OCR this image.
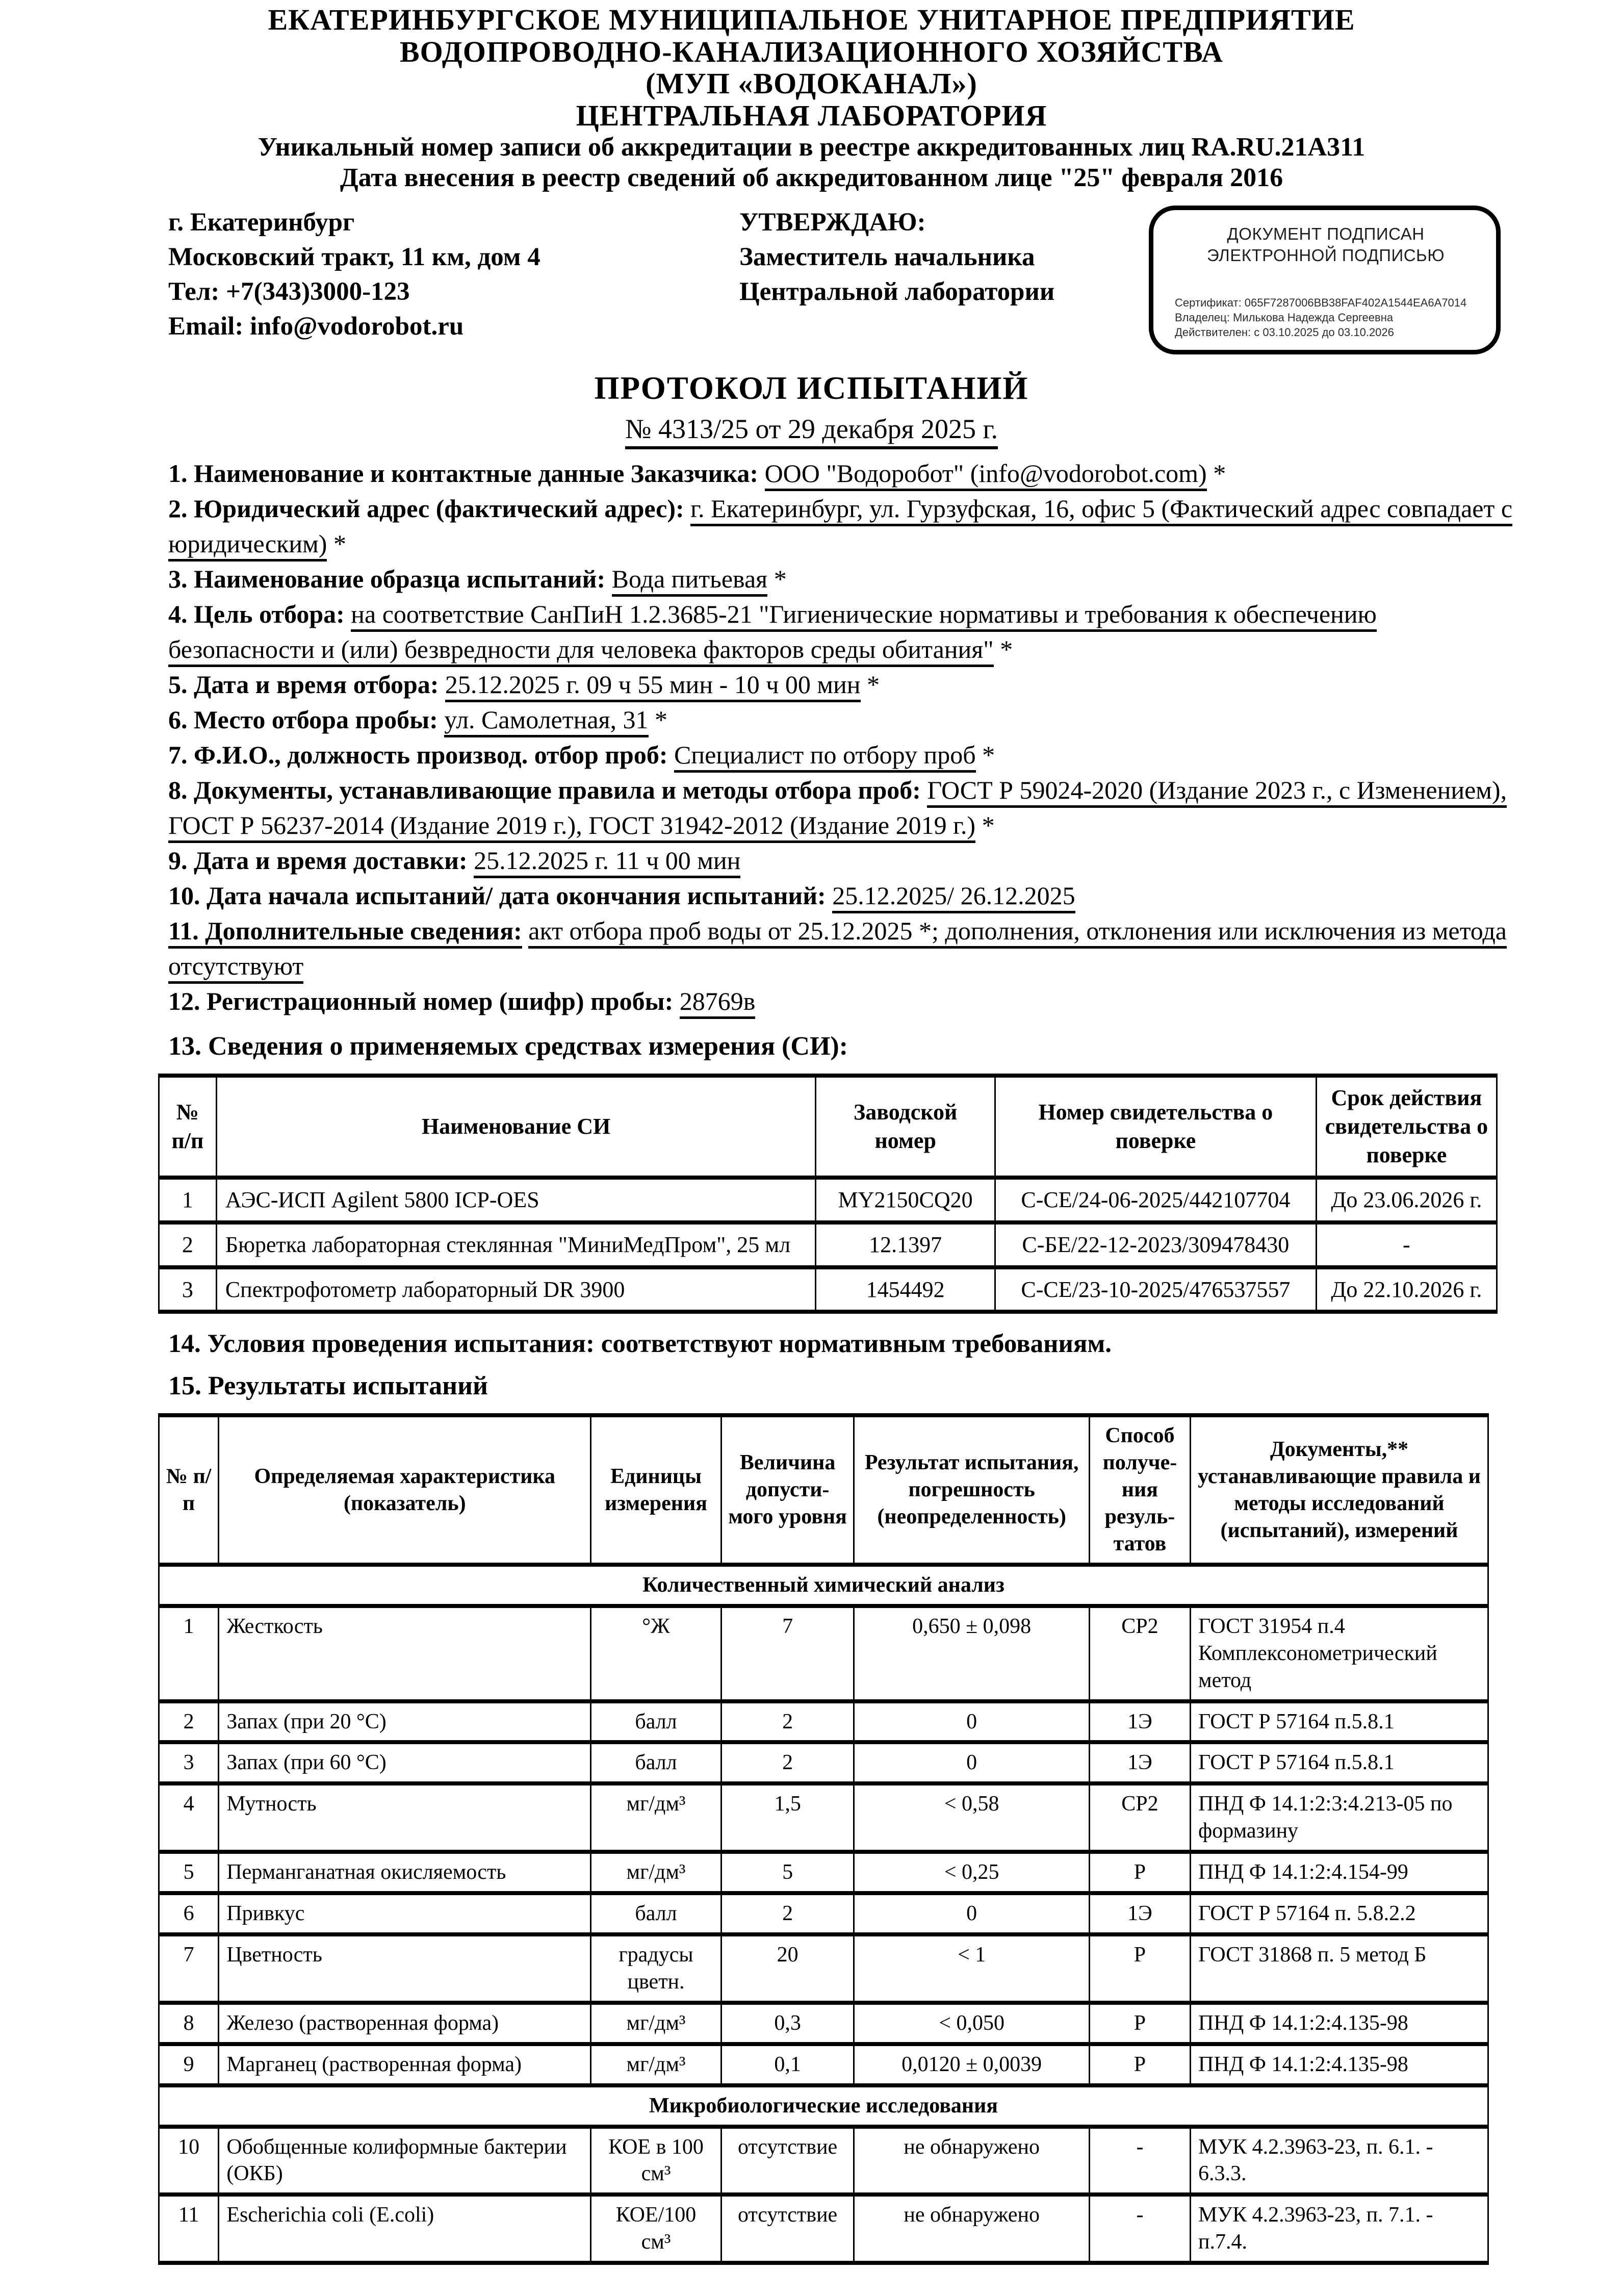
ЕКАТЕРИНБУРГСКОЕ МУНИЦИПАЛЬНОЕ УНИТАРНОЕ ПРЕДПРИЯТИЕ
ВОДОПРОВОДНО-КАНАЛИЗАЦИОННОГО ХОЗЯЙСТВА
(МУП «ВОДОКАНАЛ»)
ЦЕНТРАЛЬНАЯ ЛАБОРАТОРИЯ
Уникальный номер записи об аккредитации в реестре аккредитованных лиц RA.RU.21А311
Дата внесения в реестр сведений об аккредитованном лице "25" февраля 2016
г. Екатеринбург
Московский тракт, 11 км, дом 4
Тел: +7(343)3000-123
Email: info@vodorobot.ru
УТВЕРЖДАЮ:
Заместитель начальника
Центральной лаборатории
ДОКУМЕНТ ПОДПИСАН
ЭЛЕКТРОННОЙ ПОДПИСЬЮ
Сертификат: 065F7287006BB38FAF402A1544EA6A7014
Владелец: Милькова Надежда Сергеевна
Действителен: с 03.10.2025 до 03.10.2026
ПРОТОКОЛ ИСПЫТАНИЙ
№ 4313/25 от 29 декабря 2025 г.
1. Наименование и контактные данные Заказчика: ООО "Водоробот" (info@vodorobot.com) *
2. Юридический адрес (фактический адрес): г. Екатеринбург, ул. Гурзуфская, 16, офис 5 (Фактический адрес совпадает с юридическим) *
3. Наименование образца испытаний: Вода питьевая *
4. Цель отбора: на соответствие СанПиН 1.2.3685-21 "Гигиенические нормативы и требования к обеспечению безопасности и (или) безвредности для человека факторов среды обитания" *
5. Дата и время отбора: 25.12.2025 г. 09 ч 55 мин - 10 ч 00 мин *
6. Место отбора пробы: ул. Самолетная, 31 *
7. Ф.И.О., должность производ. отбор проб: Специалист по отбору проб *
8. Документы, устанавливающие правила и методы отбора проб: ГОСТ Р 59024-2020 (Издание 2023 г., с Изменением), ГОСТ Р 56237-2014 (Издание 2019 г.), ГОСТ 31942-2012 (Издание 2019 г.) *
9. Дата и время доставки: 25.12.2025 г. 11 ч 00 мин
10. Дата начала испытаний/ дата окончания испытаний: 25.12.2025/ 26.12.2025
11. Дополнительные сведения: акт отбора проб воды от 25.12.2025 *; дополнения, отклонения или исключения из метода отсутствуют
12. Регистрационный номер (шифр) пробы: 28769в
13. Сведения о применяемых средствах измерения (СИ):
№ п/п	Наименование СИ	Заводской номер	Номер свидетельства о поверке	Срок действия свидетельства о поверке
1	АЭС-ИСП Agilent 5800 ICP-OES	MY2150CQ20	С-СЕ/24-06-2025/442107704	До 23.06.2026 г.
2	Бюретка лабораторная стеклянная "МиниМедПром", 25 мл	12.1397	С-БЕ/22-12-2023/309478430	-
3	Спектрофотометр лабораторный DR 3900	1454492	С-СЕ/23-10-2025/476537557	До 22.10.2026 г.
14. Условия проведения испытания: соответствуют нормативным требованиям.
15. Результаты испытаний
№ п/п	Определяемая характеристика (показатель)	Единицы измерения	Величина допусти- мого уровня	Результат испытания, погрешность (неопределенность)	Способ получе- ния резуль- татов	Документы,** устанавливающие правила и методы исследований (испытаний), измерений
Количественный химический анализ						
1	Жесткость	°Ж	7	0,650 ± 0,098	СР2	ГОСТ 31954 п.4 Комплексонометрический метод
2	Запах (при 20 °С)	балл	2	0	1Э	ГОСТ Р 57164 п.5.8.1
3	Запах (при 60 °С)	балл	2	0	1Э	ГОСТ Р 57164 п.5.8.1
4	Мутность	мг/дм³	1,5	< 0,58	СР2	ПНД Ф 14.1:2:3:4.213-05 по формазину
5	Перманганатная окисляемость	мг/дм³	5	< 0,25	Р	ПНД Ф 14.1:2:4.154-99
6	Привкус	балл	2	0	1Э	ГОСТ Р 57164 п. 5.8.2.2
7	Цветность	градусы цветн.	20	< 1	Р	ГОСТ 31868 п. 5 метод Б
8	Железо (растворенная форма)	мг/дм³	0,3	< 0,050	Р	ПНД Ф 14.1:2:4.135-98
9	Марганец (растворенная форма)	мг/дм³	0,1	0,0120 ± 0,0039	Р	ПНД Ф 14.1:2:4.135-98
Микробиологические исследования						
10	Обобщенные колиформные бактерии (ОКБ)	КОЕ в 100 см³	отсутствие	не обнаружено	-	МУК 4.2.3963-23, п. 6.1. - 6.3.3.
11	Escherichia coli (E.coli)	КОЕ/100 см³	отсутствие	не обнаружено	-	МУК 4.2.3963-23, п. 7.1. - п.7.4.
